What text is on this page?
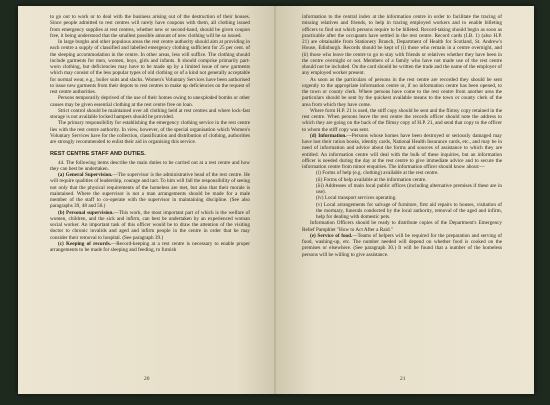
to go out to work or to deal with the business arising out of the destruction of their houses. Since people admitted to rest centres will rarely have coupons with them, all clothing issued from emergency supplies at rest centres, whether new or second-hand, should be given coupon free, it being understood that the smallest possible amount of new clothing will be so issued.

In large burghs and other populous areas the rest centre authority should aim at providing in each centre a supply of classified and labelled emergency clothing sufficient for 25 per cent. of the sleeping accommodation in the centre. In other areas, less will suffice. The clothing should include garments for men, women, boys, girls and infants. It should comprise primarily part-worn clothing, but deficiencies may have to be made up by a limited issue of new garments which may consist of the less popular types of old clothing or of a kind not generally acceptable for normal wear, e.g., boiler suits and slacks. Women's Voluntary Services have been authorised to issue new garments from their depots to rest centres to make up deficiencies on the request of rest centre authorities.

Persons temporarily deprived of the use of their homes owing to unexploded bombs or other causes may be given essential clothing at the rest centre free on loan.

Strict control should be maintained over all clothing held at rest centres and where lock-fast storage is not available locked hampers should be provided.

The primary responsibility for establishing the emergency clothing service in the rest centre lies with the rest centre authority. In view, however, of the special organisation which Women's Voluntary Services have for the collection, classification and distribution of clothing, authorities are strongly recommended to enlist their aid in organising this service.

REST CENTRE STAFF AND DUTIES.

44. The following items describe the main duties to be carried out at a rest centre and how they can best be undertaken.

(a) General Supervision.—The supervisor is the administrative head of the rest centre. He will require qualities of leadership, courage and tact. To him will fall the responsibility of seeing not only that the physical requirements of the homeless are met, but also that their morale is maintained. Where the supervisor is not a man arrangements should be made for a male member of the staff to co-operate with the supervisor in maintaining discipline. (See also paragraphs 39, 48 and 50.)

(b) Personal supervision.—This work, the most important part of which is the welfare of women, children, and the sick and infirm, can best be undertaken by an experienced woman social worker. An important task of this officer would be to draw the attention of the visiting doctor to chronic invalids and aged and infirm people in the centre in order that he may consider their removal to hospital. (See paragraph 39.)

(c) Keeping of records.—Record-keeping at a rest centre is necessary to enable proper arrangements to be made for sleeping and feeding, to furnish

20

information to the central index at the information centre in order to facilitate the tracing of missing relatives and friends, to help in tracing employed workers and to enable billeting officers to find out which persons require to be billeted. Record-taking should begin as soon as practicable after the occupants have settled in the rest centre. Record cards (I.B. 1) (also H.P. 21) are obtainable from Stationery Branch, Department of Health for Scotland, St. Andrew's House, Edinburgh. Records should be kept of (i) those who remain in a centre overnight, and (ii) those who leave the centre to go to stay with friends or relatives whether they have been in the centre overnight or not. Members of a family who have not made use of the rest centre should not be included. On the card should be written the trade and the name of the employer of any employed worker present.

As soon as the particulars of persons in the rest centre are recorded they should be sent urgently to the appropriate information centre or, if no information centre has been opened, to the town or county clerk. Where persons have come to the rest centre from another area the particulars should be sent by the quickest available means to the town or county clerk of the area from which they have come.

Where form H.P. 21 is used, the stiff copy should be sent and the flimsy copy retained in the rest centre. When persons leave the rest centre the records officer should note the address to which they are going on the back of the flimsy copy of H.P. 21, and send that copy to the officer to whom the stiff copy was sent.

(d) Information.—Persons whose homes have been destroyed or seriously damaged may have lost their ration books, identity cards, National Health Insurance cards, etc., and may be in need of information and advice about the forms and sources of assistance to which they are entitled. An information centre will deal with the bulk of these inquiries, but an information officer is needed during the day at the rest centre to give immediate advice and to secure the information centre from minor enquiries. The information officer should know about:—

(i) Forms of help (e.g. clothing) available at the rest centre.

(ii) Forms of help available at the information centre.

(iii) Addresses of main local public offices (including alternative premises if these are in use).

(iv) Local transport services operating.

(v) Local arrangements for salvage of furniture, first aid repairs to houses, visitation of the mortuary, funerals conducted by the local authority, removal of the aged and infirm, help for dealing with domestic pets.

Information Officers should be ready to distribute copies of the Department's Emergency Relief Pamphlet "How to Act After a Raid."

(e) Service of food.—Teams of helpers will be required for the preparation and serving of food, washing-up, etc. The number needed will depend on whether food is cooked on the premises or elsewhere. (See paragraph 30.) It will be found that a number of the homeless persons will be willing to give assistance.

21
